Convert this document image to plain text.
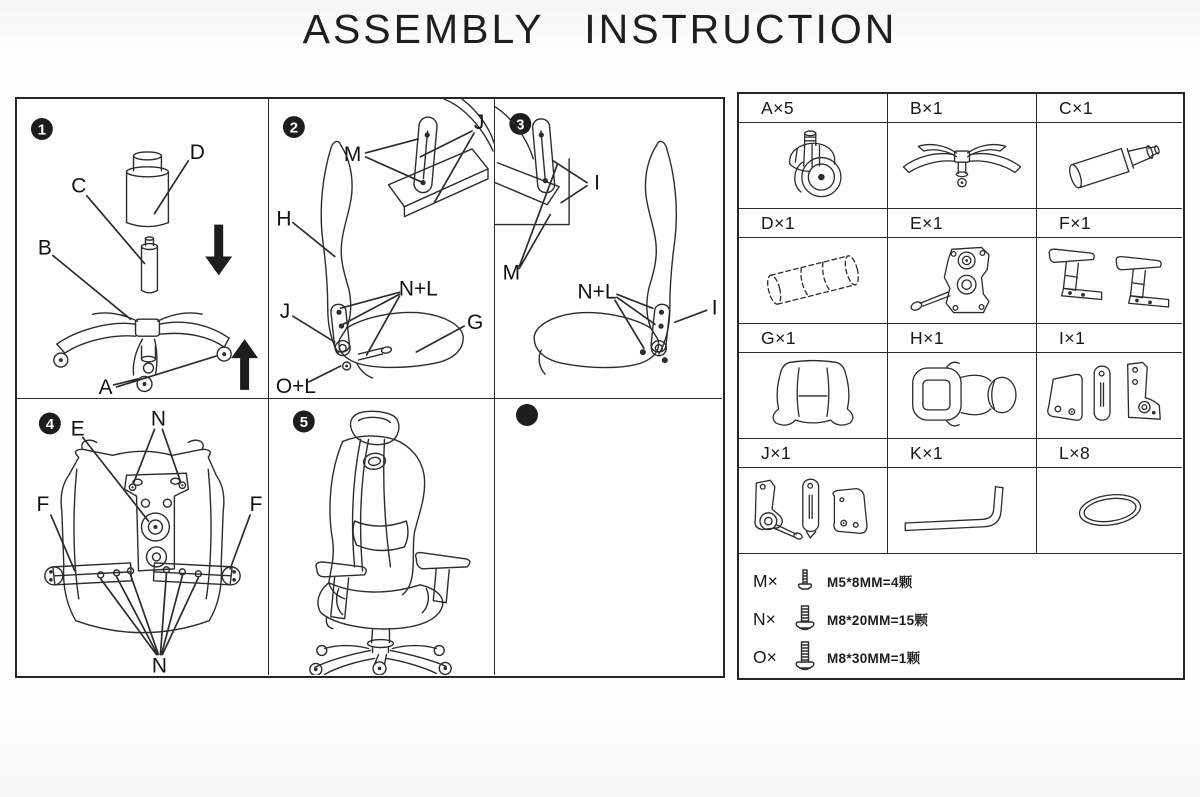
ASSEMBLY INSTRUCTION
1
D
C
B
A
2
M
J
H
N+L
J	G
O+L
3
I
M
N+L
I
4 E	N
F	F
N
5
A×5	B×1	C×1
D×1	E×1	F×1
G×1	H×1	I×1
J×1	K×1	L×8
M×	M5*8MM=4颗
N×	M8*20MM=15颗
O×	M8*30MM=1颗
